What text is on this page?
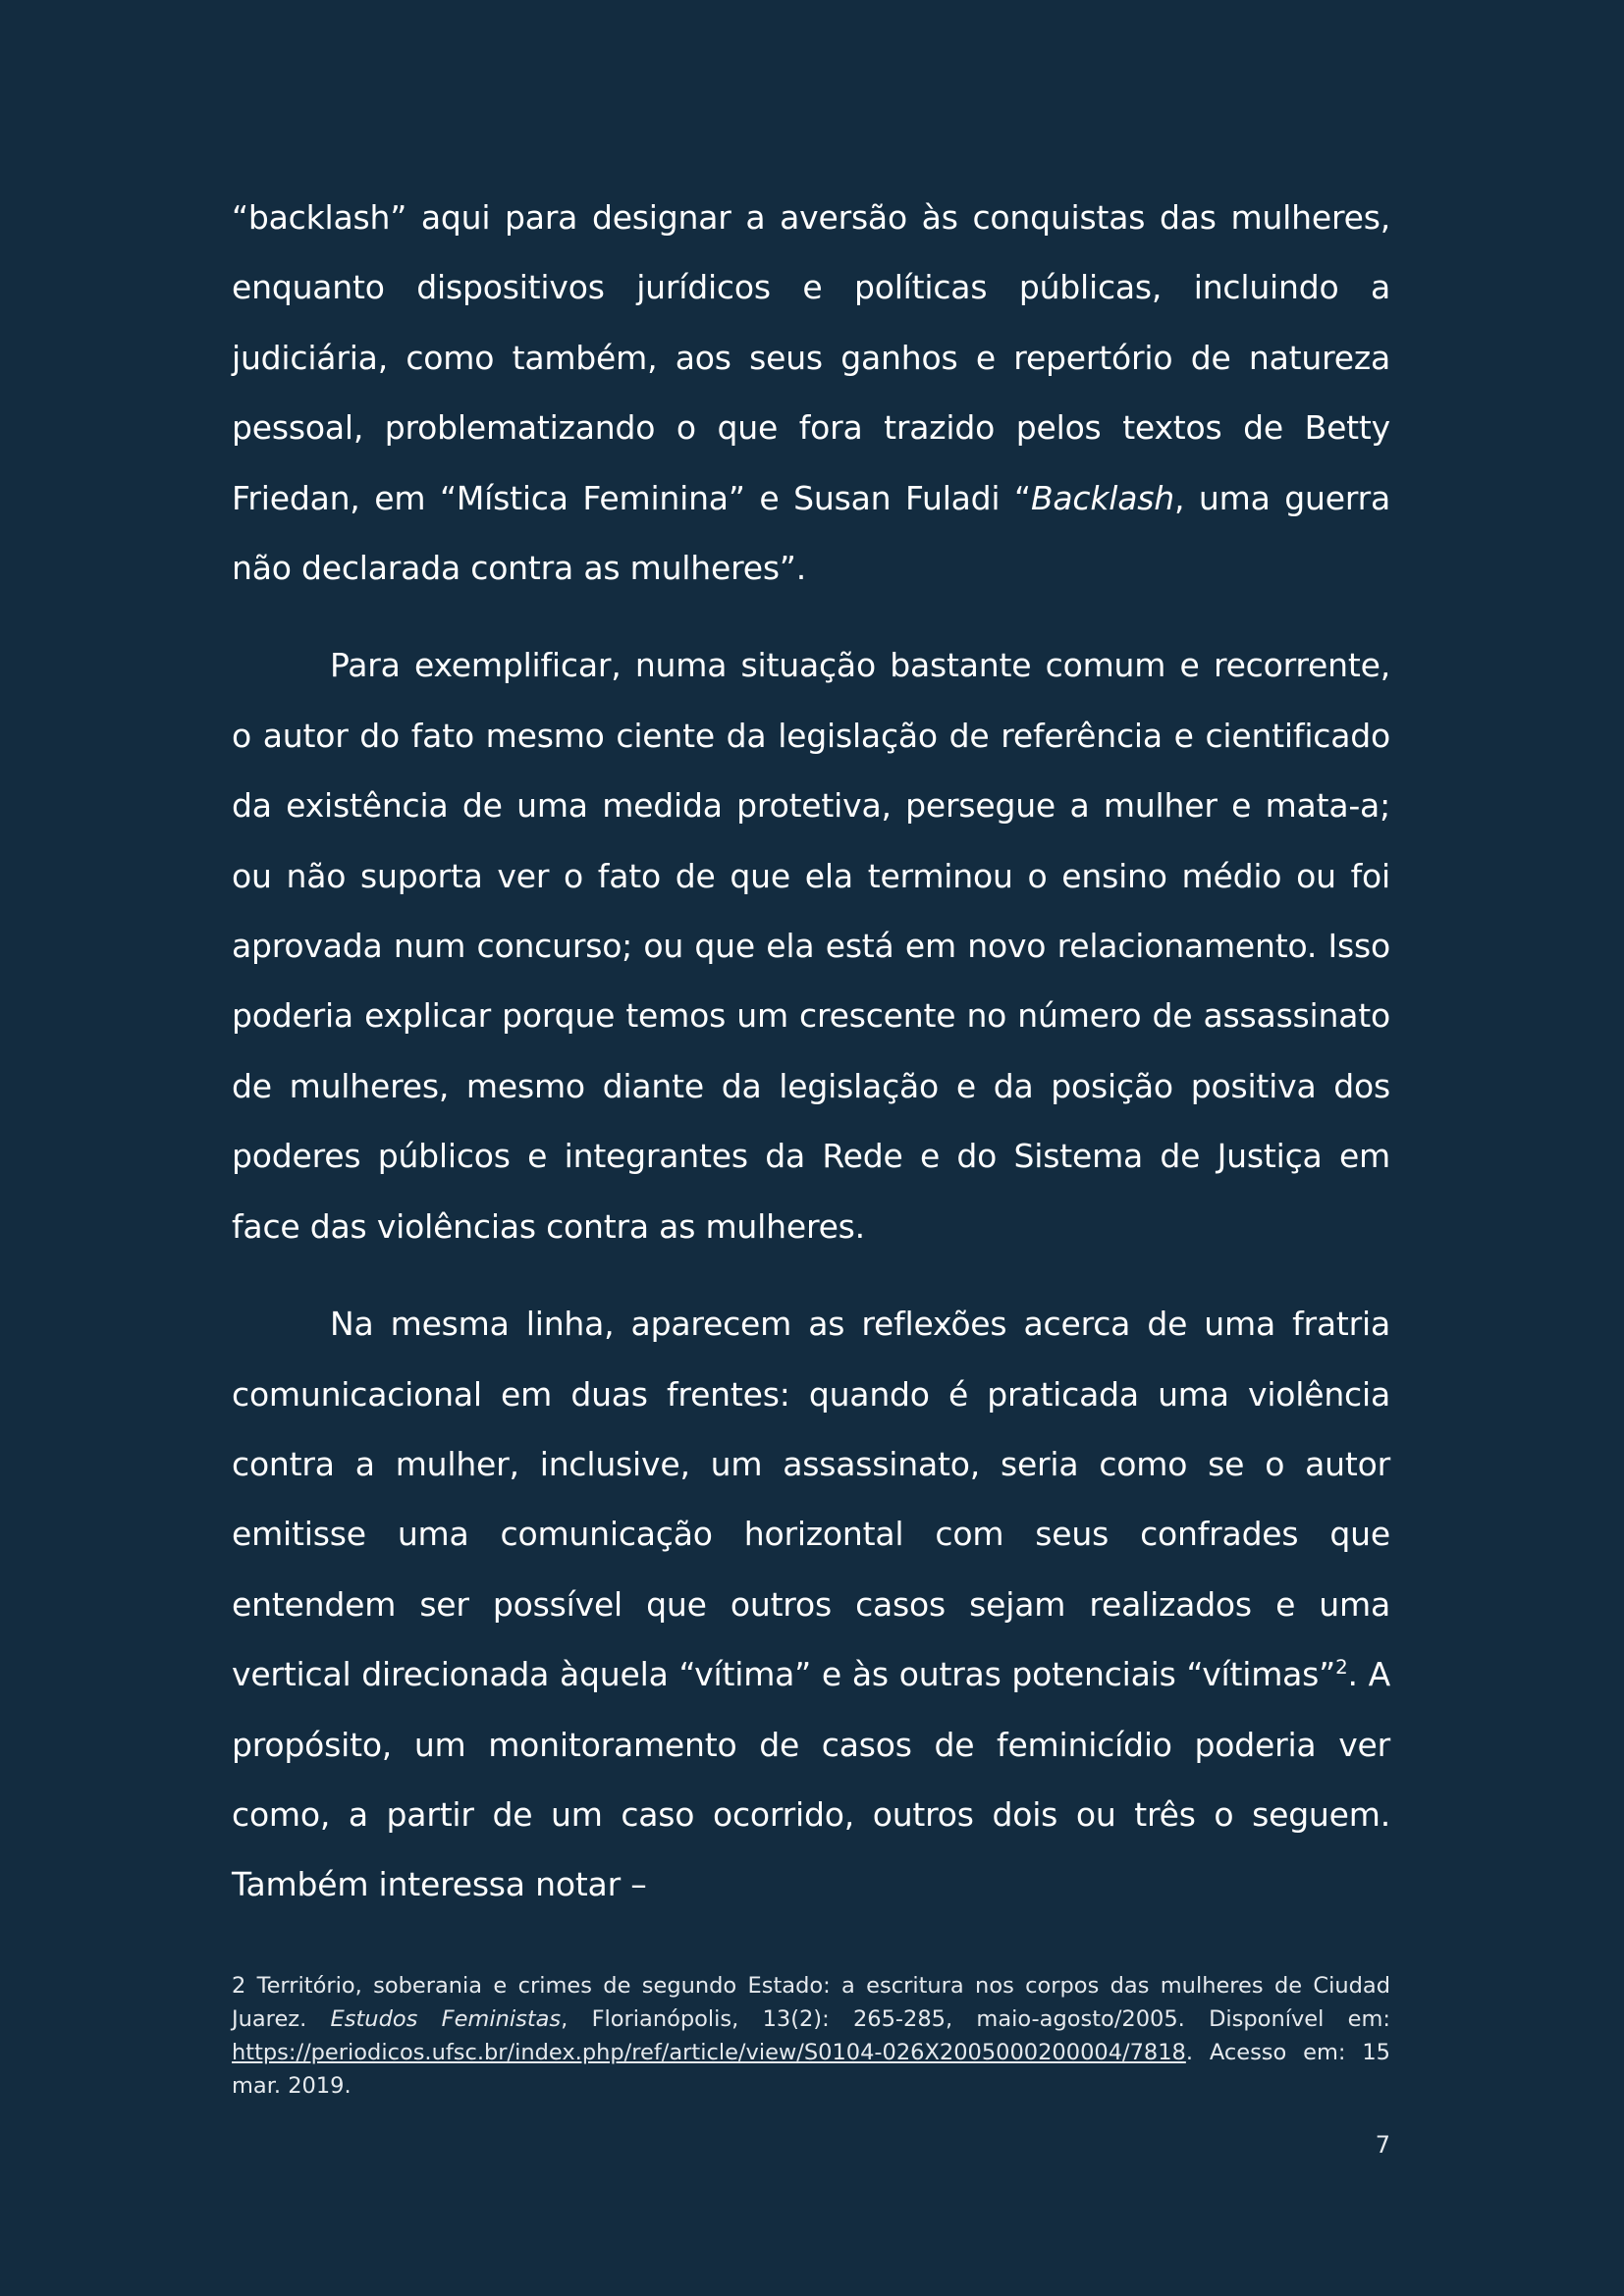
“backlash” aqui para designar a aversão às conquistas das mulheres, enquanto dispositivos jurídicos e políticas públicas, incluindo a judiciária, como também, aos seus ganhos e repertório de natureza pessoal, problematizando o que fora trazido pelos textos de Betty Friedan, em “Mística Feminina” e Susan Fuladi “Backlash, uma guerra não declarada contra as mulheres”.

Para exemplificar, numa situação bastante comum e recorrente, o autor do fato mesmo ciente da legislação de referência e cientificado da existência de uma medida protetiva, persegue a mulher e mata-a; ou não suporta ver o fato de que ela terminou o ensino médio ou foi aprovada num concurso; ou que ela está em novo relacionamento. Isso poderia explicar porque temos um crescente no número de assassinato de mulheres, mesmo diante da legislação e da posição positiva dos poderes públicos e integrantes da Rede e do Sistema de Justiça em face das violências contra as mulheres.

Na mesma linha, aparecem as reflexões acerca de uma fratria comunicacional em duas frentes: quando é praticada uma violência contra a mulher, inclusive, um assassinato, seria como se o autor emitisse uma comunicação horizontal com seus confrades que entendem ser possível que outros casos sejam realizados e uma vertical direcionada àquela “vítima” e às outras potenciais “vítimas”$^2$. A propósito, um monitoramento de casos de feminicídio poderia ver como, a partir de um caso ocorrido, outros dois ou três o seguem. Também interessa notar –

2 Território, soberania e crimes de segundo Estado: a escritura nos corpos das mulheres de Ciudad Juarez. Estudos Feministas, Florianópolis, 13(2): 265-285, maio-agosto/2005. Disponível em: https://periodicos.ufsc.br/index.php/ref/article/view/S0104-026X2005000200004/7818. Acesso em: 15 mar. 2019.
7
